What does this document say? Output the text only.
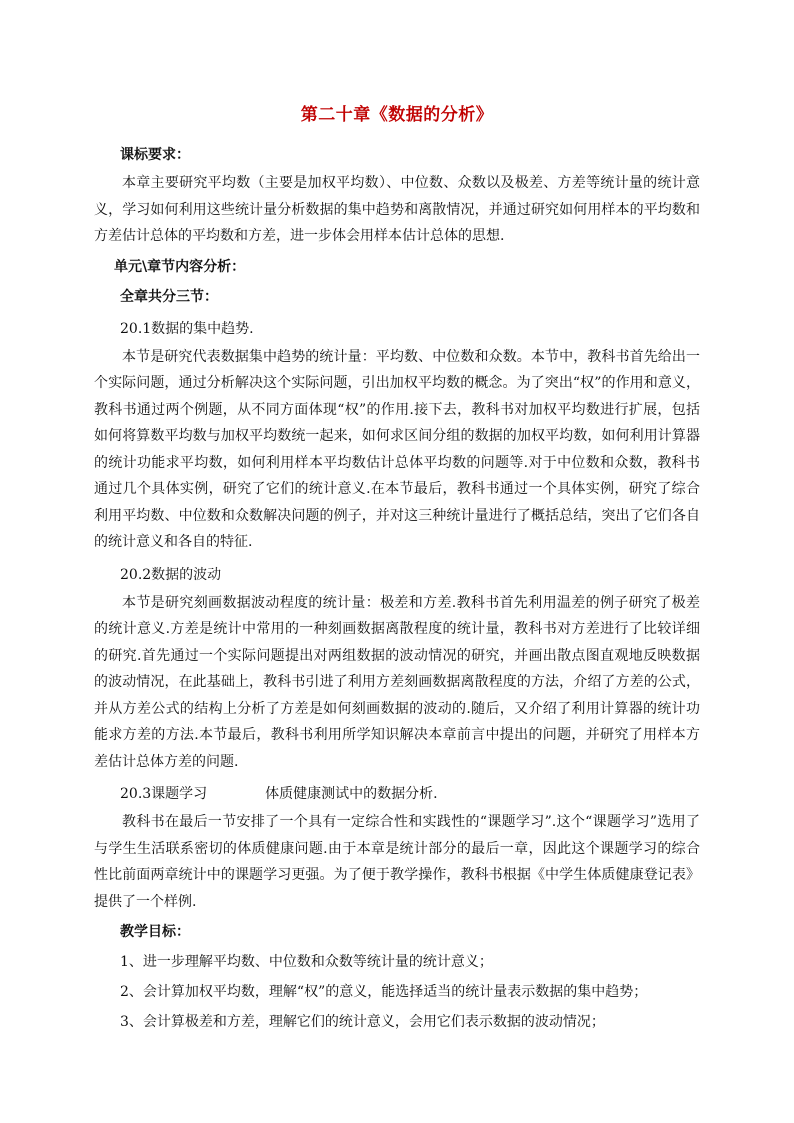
第二十章《数据的分析》
课标要求：

本章主要研究平均数（主要是加权平均数）、中位数、众数以及极差、方差等统计量的统计意义，学习如何利用这些统计量分析数据的集中趋势和离散情况，并通过研究如何用样本的平均数和方差估计总体的平均数和方差，进一步体会用样本估计总体的思想.

单元\章节内容分析：
全章共分三节：
20.1数据的集中趋势.

本节是研究代表数据集中趋势的统计量：平均数、中位数和众数。本节中，教科书首先给出一个实际问题，通过分析解决这个实际问题，引出加权平均数的概念。为了突出“权”的作用和意义，教科书通过两个例题，从不同方面体现“权”的作用.接下去，教科书对加权平均数进行扩展，包括如何将算数平均数与加权平均数统一起来，如何求区间分组的数据的加权平均数，如何利用计算器的统计功能求平均数，如何利用样本平均数估计总体平均数的问题等.对于中位数和众数，教科书通过几个具体实例，研究了它们的统计意义.在本节最后，教科书通过一个具体实例，研究了综合利用平均数、中位数和众数解决问题的例子，并对这三种统计量进行了概括总结，突出了它们各自的统计意义和各自的特征.

20.2数据的波动

本节是研究刻画数据波动程度的统计量：极差和方差.教科书首先利用温差的例子研究了极差的统计意义.方差是统计中常用的一种刻画数据离散程度的统计量，教科书对方差进行了比较详细的研究.首先通过一个实际问题提出对两组数据的波动情况的研究，并画出散点图直观地反映数据的波动情况，在此基础上，教科书引进了利用方差刻画数据离散程度的方法，介绍了方差的公式，并从方差公式的结构上分析了方差是如何刻画数据的波动的.随后，又介绍了利用计算器的统计功能求方差的方法.本节最后，教科书利用所学知识解决本章前言中提出的问题，并研究了用样本方差估计总体方差的问题.

20.3课题学习	体质健康测试中的数据分析.

教科书在最后一节安排了一个具有一定综合性和实践性的“课题学习”.这个“课题学习”选用了与学生生活联系密切的体质健康问题.由于本章是统计部分的最后一章，因此这个课题学习的综合性比前面两章统计中的课题学习更强。为了便于教学操作，教科书根据《中学生体质健康登记表》提供了一个样例.

教学目标：
1、进一步理解平均数、中位数和众数等统计量的统计意义；
2、会计算加权平均数，理解“权”的意义，能选择适当的统计量表示数据的集中趋势；
3、会计算极差和方差，理解它们的统计意义，会用它们表示数据的波动情况；
